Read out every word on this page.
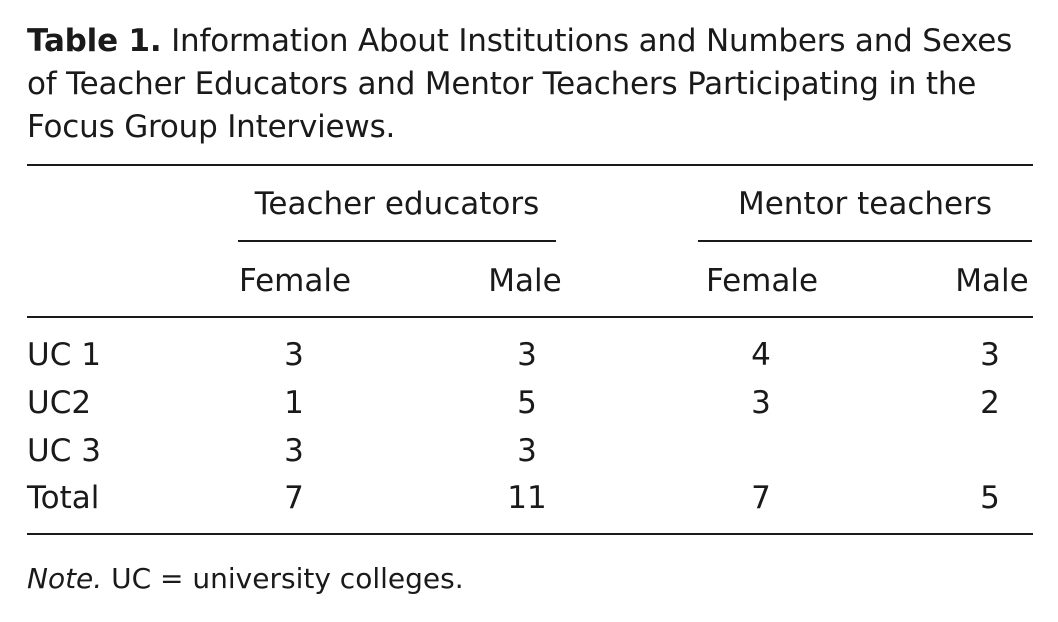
Table 1. Information About Institutions and Numbers and Sexes of Teacher Educators and Mentor Teachers Participating in the Focus Group Interviews.
Teacher educators	Mentor teachers
Female	Male	Female	Male
UC 1	3	3	4	3
UC2	1	5	3	2
UC 3	3	3
Total	7	11	7	5
Note. UC = university colleges.
